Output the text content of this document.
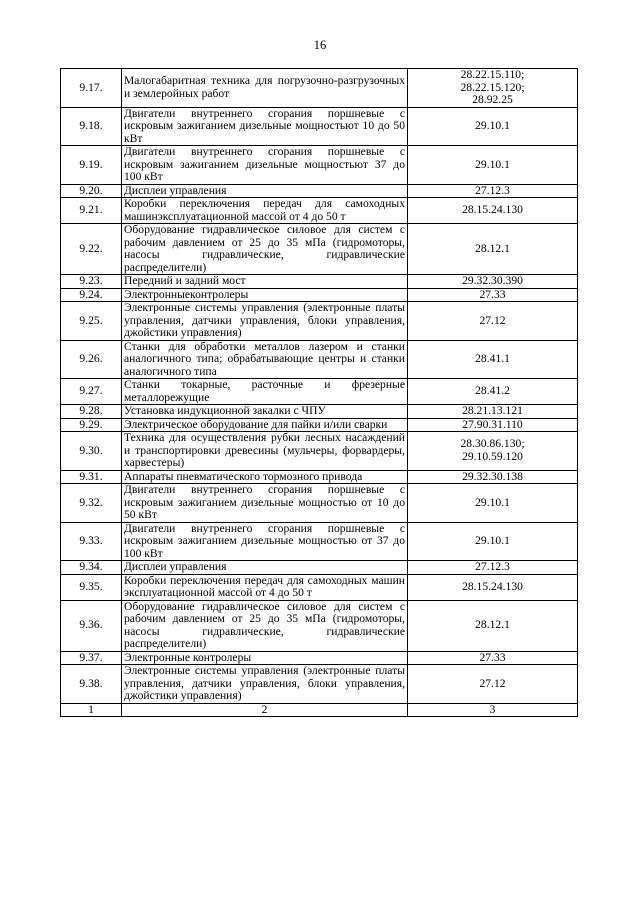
16
9.17.	Малогабаритная техника для погрузочно-разгрузочных и землеройных работ	28.22.15.110;
28.22.15.120;
28.92.25

9.18.	Двигатели внутреннего сгорания поршневые с искровым зажиганием дизельные мощностьют 10 до 50 кВт	29.10.1

9.19.	Двигатели внутреннего сгорания поршневые с искровым зажиганием дизельные мощностьют 37 до 100 кВт	29.10.1

9.20.	Дисплеи управления	27.12.3

9.21.	Коробки переключения передач для самоходных машинэксплуатационной массой от 4 до 50 т	28.15.24.130

9.22.	Оборудование гидравлическое силовое для систем с рабочим давлением от 25 до 35 мПа (гидромоторы, насосы гидравлические, гидравлические распределители)	28.12.1

9.23.	Передний и задний мост	29.32.30.390

9.24.	Электронныеконтролеры	27.33

9.25.	Электронные системы управления (электронные платы управления, датчики управления, блоки управления, джойстики управления)	27.12

9.26.	Станки для обработки металлов лазером и станки аналогичного типа; обрабатывающие центры и станки аналогичного типа	28.41.1

9.27.	Станки токарные, расточные и фрезерные металлорежущие	28.41.2

9.28.	Установка индукционной закалки с ЧПУ	28.21.13.121

9.29.	Электрическое оборудование для пайки и/или сварки	27.90.31.110

9.30.	Техника для осуществления рубки лесных насаждений и транспортировки древесины (мульчеры, форвардеры, харвестеры)	28.30.86.130;
29.10.59.120

9.31.	Аппараты пневматического тормозного привода	29.32.30.138

9.32.	Двигатели внутреннего сгорания поршневые с искровым зажиганием дизельные мощностью от 10 до 50 кВт	29.10.1

9.33.	Двигатели внутреннего сгорания поршневые с искровым зажиганием дизельные мощностью от 37 до 100 кВт	29.10.1

9.34.	Дисплеи управления	27.12.3

9.35.	Коробки переключения передач для самоходных машин эксплуатационной массой от 4 до 50 т	28.15.24.130

9.36.	Оборудование гидравлическое силовое для систем с рабочим давлением от 25 до 35 мПа (гидромоторы, насосы гидравлические, гидравлические распределители)	28.12.1

9.37.	Электронные контролеры	27.33

9.38.	Электронные системы управления (электронные платы управления, датчики управления, блоки управления, джойстики управления)	27.12

1	2	3
